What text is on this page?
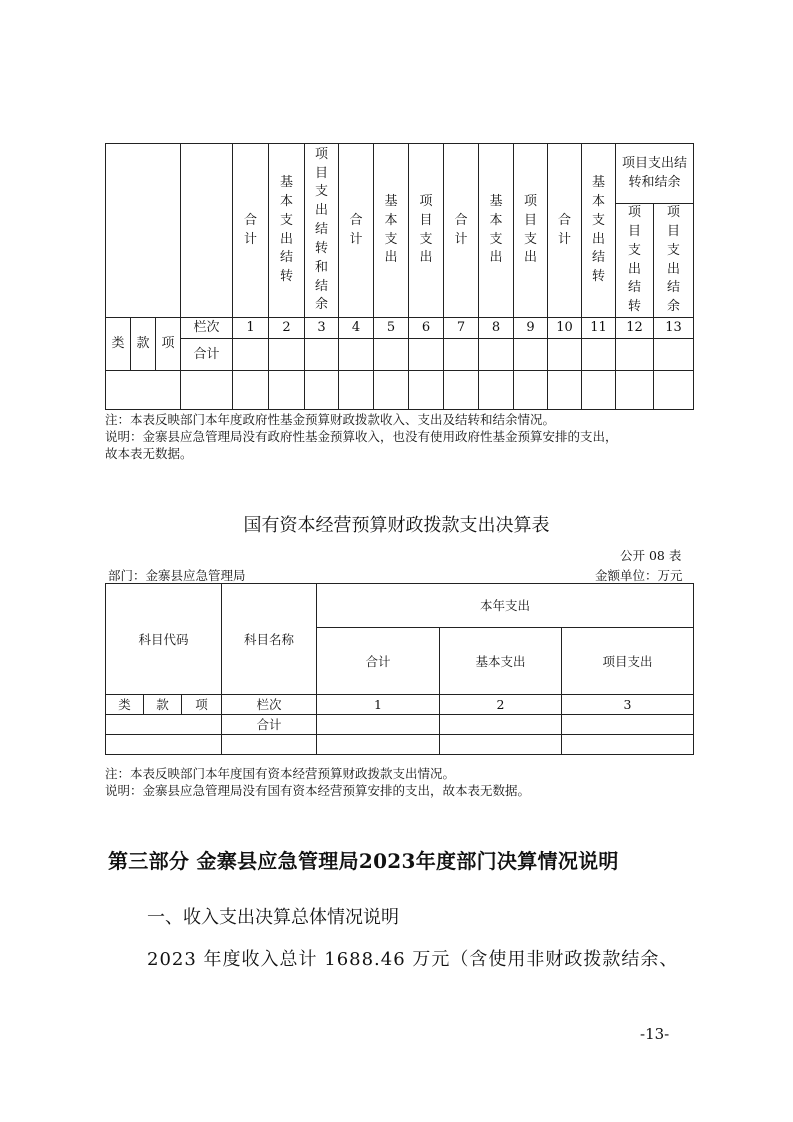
				合计	基本支出结转	项目支出结转和结余	合计	基本支出	项目支出	合计	基本支出	项目支出	合计	基本支出结转	项目支出结转和结余	
															项目支出结转	项目支出结余
类	款	项	栏次	1	2	3	4	5	6	7	8	9	10	11	12	13
			合计													

注：本表反映部门本年度政府性基金预算财政拨款收入、支出及结转和结余情况。
说明：金寨县应急管理局没有政府性基金预算收入，也没有使用政府性基金预算安排的支出，
故本表无数据。
国有资本经营预算财政拨款支出决算表
公开 08 表
部门：金寨县应急管理局	金额单位：万元
科目代码			科目名称	本年支出		
				合计	基本支出	项目支出
类	款	项	栏次	1	2	3
			合计			

注：本表反映部门本年度国有资本经营预算财政拨款支出情况。
说明：金寨县应急管理局没有国有资本经营预算安排的支出，故本表无数据。
第三部分 金寨县应急管理局2023年度部门决算情况说明
一、收入支出决算总体情况说明
2023 年度收入总计 1688.46 万元（含使用非财政拨款结余、
-13-
